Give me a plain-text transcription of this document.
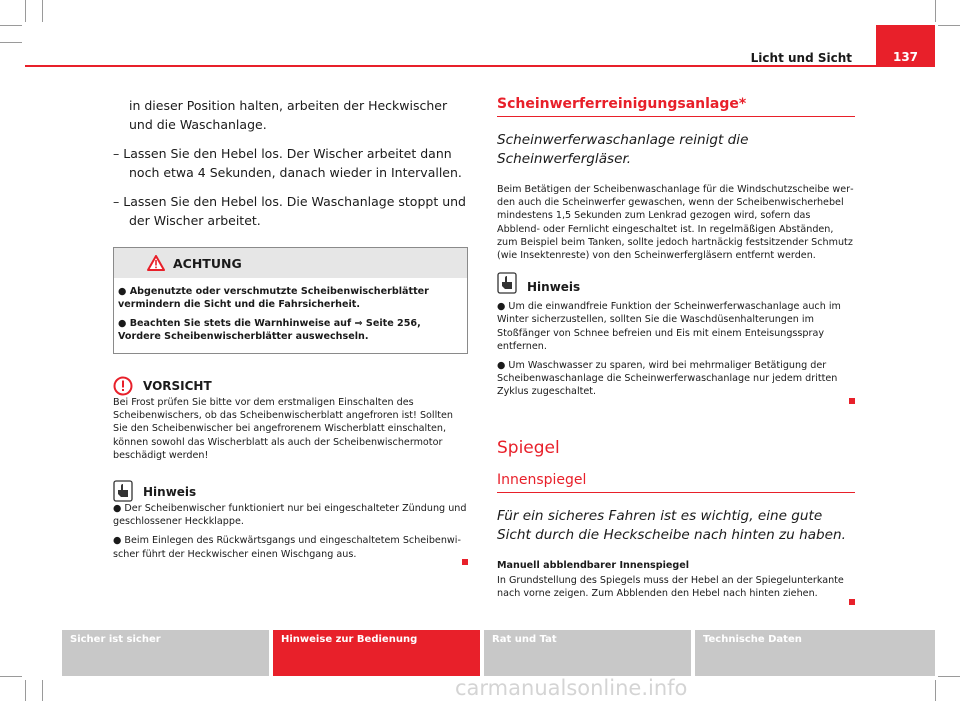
137
Licht und Sicht

in dieser Position halten, arbeiten der Heckwischer und die Waschanlage.

– Lassen Sie den Hebel los. Der Wischer arbeitet dann noch etwa 4 Sekunden, danach wieder in Intervallen.

– Lassen Sie den Hebel los. Die Waschanlage stoppt und der Wischer arbeitet.

ACHTUNG

● Abgenutzte oder verschmutzte Scheibenwischerblätter vermindern die Sicht und die Fahrsicherheit.

● Beachten Sie stets die Warnhinweise auf ⇒ Seite 256, Vordere Scheibenwischerblätter auswechseln.

VORSICHT

Bei Frost prüfen Sie bitte vor dem erstmaligen Einschalten des Scheibenwischers, ob das Scheibenwischerblatt angefroren ist! Sollten Sie den Scheibenwischer bei angefrorenem Wischerblatt einschalten, können sowohl das Wischerblatt als auch der Scheibenwischermotor beschädigt werden!

Hinweis

● Der Scheibenwischer funktioniert nur bei eingeschalteter Zündung und geschlossener Heckklappe.

● Beim Einlegen des Rückwärtsgangs und eingeschaltetem Scheibenwischer führt der Heckwischer einen Wischgang aus.

Scheinwerferreinigungsanlage*

Scheinwerferwaschanlage reinigt die Scheinwerfergläser.

Beim Betätigen der Scheibenwaschanlage für die Windschutzscheibe werden auch die Scheinwerfer gewaschen, wenn der Scheibenwischerhebel mindestens 1,5 Sekunden zum Lenkrad gezogen wird, sofern das Abblend- oder Fernlicht eingeschaltet ist. In regelmäßigen Abständen, zum Beispiel beim Tanken, sollte jedoch hartnäckig festsitzender Schmutz (wie Insektenreste) von den Scheinwerfergläsern entfernt werden.

Hinweis

● Um die einwandfreie Funktion der Scheinwerferwaschanlage auch im Winter sicherzustellen, sollten Sie die Waschdüsenhalterungen im Stoßfänger von Schnee befreien und Eis mit einem Enteisungsspray entfernen.

● Um Waschwasser zu sparen, wird bei mehrmaliger Betätigung der Scheibenwaschanlage die Scheinwerferwaschanlage nur jedem dritten Zyklus zugeschaltet.

Spiegel
Innenspiegel

Für ein sicheres Fahren ist es wichtig, eine gute Sicht durch die Heckscheibe nach hinten zu haben.

Manuell abblendbarer Innenspiegel

In Grundstellung des Spiegels muss der Hebel an der Spiegelunterkante nach vorne zeigen. Zum Abblenden den Hebel nach hinten ziehen.

Sicher ist sicher	Hinweise zur Bedienung	Rat und Tat	Technische Daten
carmanualsonline.info
